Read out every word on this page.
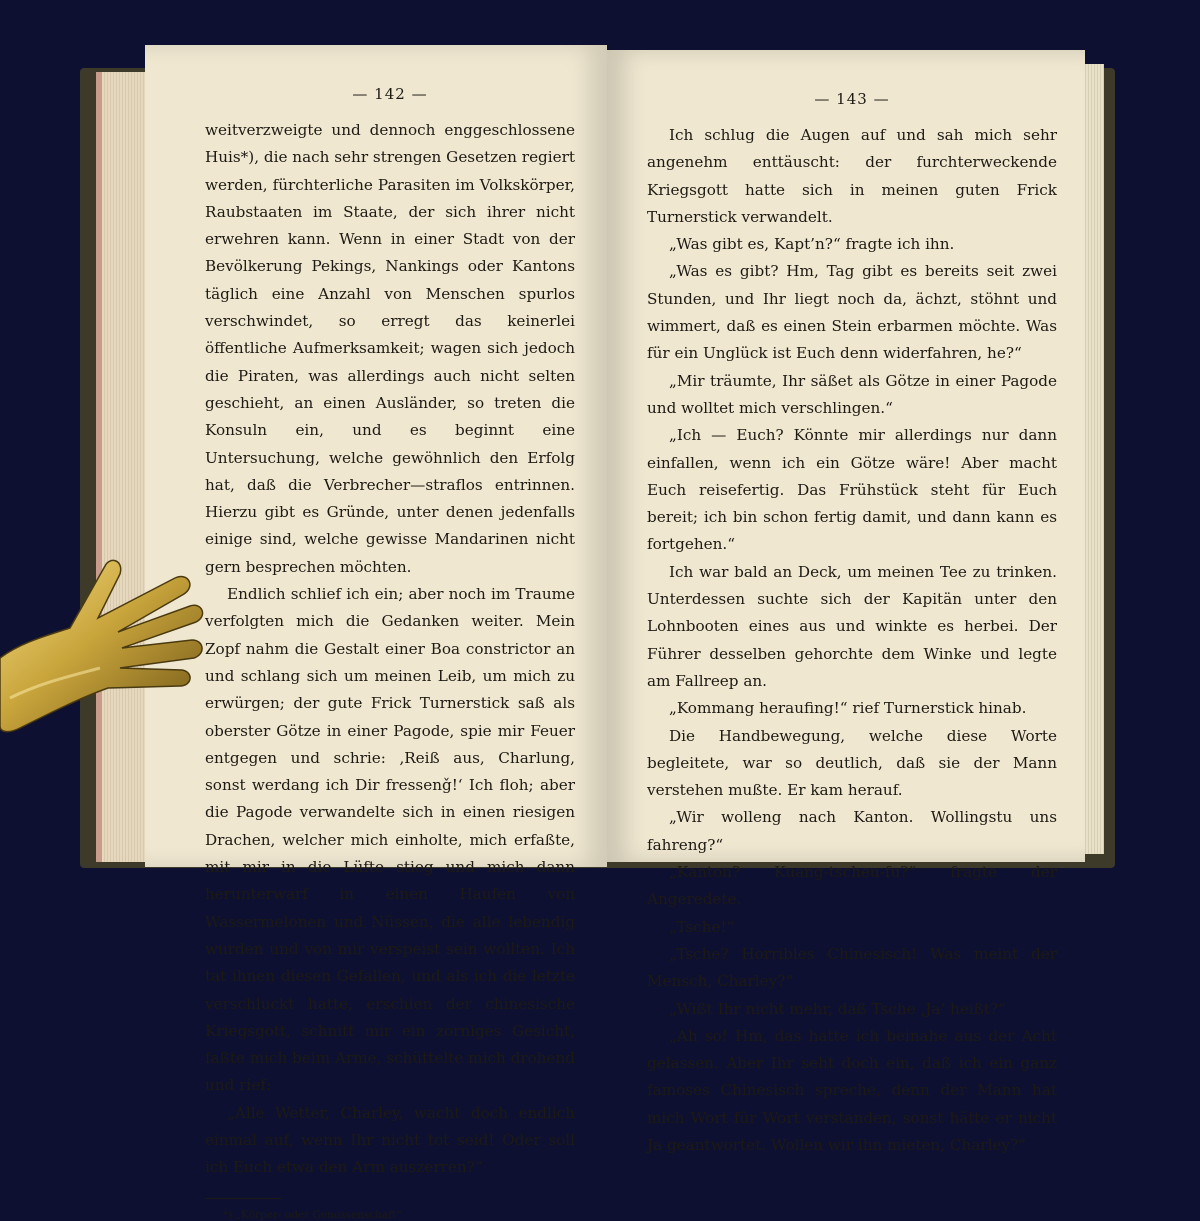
— 142 —

weitverzweigte und dennoch enggeschlossene Huis*), die nach sehr strengen Gesetzen regiert werden, fürchterliche Parasiten im Volkskörper, Raubstaaten im Staate, der sich ihrer nicht erwehren kann. Wenn in einer Stadt von der Bevölkerung Pekings, Nankings oder Kantons täglich eine Anzahl von Menschen spurlos verschwindet, so erregt das keinerlei öffentliche Aufmerksamkeit; wagen sich jedoch die Piraten, was allerdings auch nicht selten geschieht, an einen Ausländer, so treten die Konsuln ein, und es beginnt eine Untersuchung, welche gewöhnlich den Erfolg hat, daß die Verbrecher—straflos entrinnen. Hierzu gibt es Gründe, unter denen jedenfalls einige sind, welche gewisse Mandarinen nicht gern besprechen möchten.

Endlich schlief ich ein; aber noch im Traume verfolgten mich die Gedanken weiter. Mein Zopf nahm die Gestalt einer Boa constrictor an und schlang sich um meinen Leib, um mich zu erwürgen; der gute Frick Turnerstick saß als oberster Götze in einer Pagode, spie mir Feuer entgegen und schrie: ‚Reiß aus, Charlung, sonst werdang ich Dir fressenǧ!‘ Ich floh; aber die Pagode verwandelte sich in einen riesigen Drachen, welcher mich einholte, mich erfaßte, mit mir in die Lüfte stieg und mich dann herunterwarf in einen Haufen von Wassermelonen und Nüssen, die alle lebendig wurden und von mir verspeist sein wollten. Ich tat ihnen diesen Gefallen, und als ich die letzte verschluckt hatte, erschien der chinesische Kriegsgott, schnitt mir ein zorniges Gesicht, faßte mich beim Arme, schüttelte mich drohend und rief:

„Alle Wetter, Charley, wacht doch endlich einmal auf, wenn Ihr nicht tot seid! Oder soll ich Euch etwa den Arm auszerren?“

*) „Körper- oder Genossenschaft“
— 143 —

Ich schlug die Augen auf und sah mich sehr angenehm enttäuscht: der furchterweckende Kriegsgott hatte sich in meinen guten Frick Turnerstick verwandelt.

„Was gibt es, Kapt’n?“ fragte ich ihn.

„Was es gibt? Hm, Tag gibt es bereits seit zwei Stunden, und Ihr liegt noch da, ächzt, stöhnt und wimmert, daß es einen Stein erbarmen möchte. Was für ein Unglück ist Euch denn widerfahren, he?“

„Mir träumte, Ihr säßet als Götze in einer Pagode und wolltet mich verschlingen.“

„Ich — Euch? Könnte mir allerdings nur dann einfallen, wenn ich ein Götze wäre! Aber macht Euch reisefertig. Das Frühstück steht für Euch bereit; ich bin schon fertig damit, und dann kann es fortgehen.“

Ich war bald an Deck, um meinen Tee zu trinken. Unterdessen suchte sich der Kapitän unter den Lohnbooten eines aus und winkte es herbei. Der Führer desselben gehorchte dem Winke und legte am Fallreep an.

„Kommang heraufing!“ rief Turnerstick hinab.

Die Handbewegung, welche diese Worte begleitete, war so deutlich, daß sie der Mann verstehen mußte. Er kam herauf.

„Wir wolleng nach Kanton. Wollingstu uns fahreng?“

„Kanton? Kuang-tscheu-fu?“ fragte der Angeredete.

„Tsche!“

„Tsche? Horribles Chinesisch! Was meint der Mensch, Charley?“

„Wißt Ihr nicht mehr, daß Tsche ‚Ja‘ heißt?“

„Ah so! Hm, das hatte ich beinahe aus der Acht gelassen. Aber Ihr seht doch ein, daß ich ein ganz famoses Chinesisch spreche, denn der Mann hat mich Wort für Wort verstanden, sonst hätte er nicht Ja geantwortet. Wollen wir ihn mieten, Charley?“
